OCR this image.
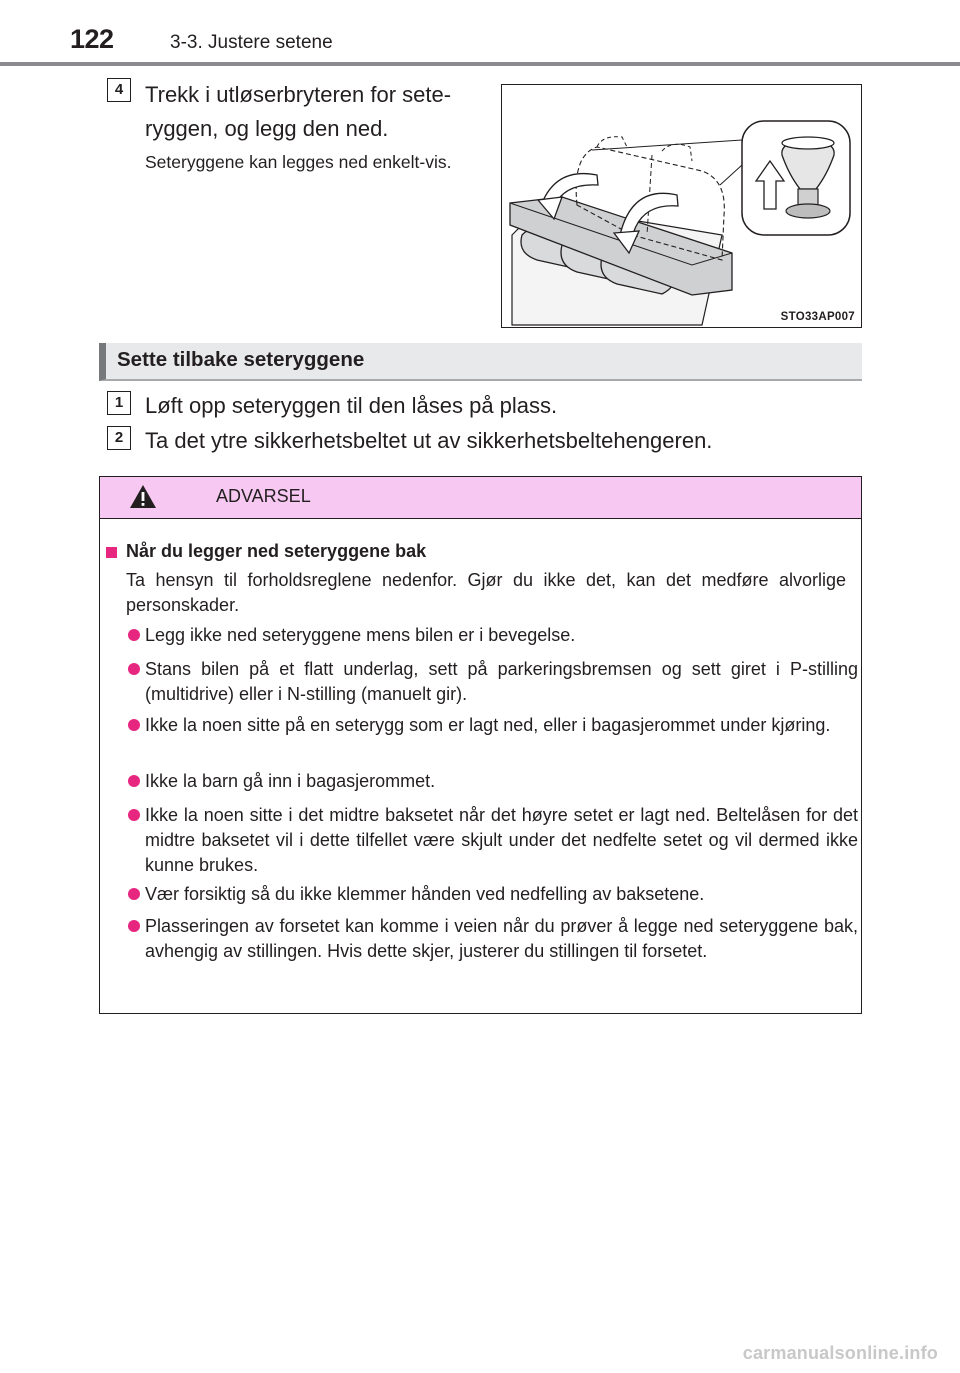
122	3-3. Justere setene
4 Trekk i utløserbryteren for sete-
ryggen, og legg den ned.
Seteryggene kan legges ned enkelt-vis.
STO33AP007
Sette tilbake seteryggene
1 Løft opp seteryggen til den låses på plass.
2 Ta det ytre sikkerhetsbeltet ut av sikkerhetsbeltehengeren.
ADVARSEL
Når du legger ned seteryggene bak
Ta hensyn til forholdsreglene nedenfor. Gjør du ikke det, kan det medføre alvorlige personskader.
Legg ikke ned seteryggene mens bilen er i bevegelse.
Stans bilen på et flatt underlag, sett på parkeringsbremsen og sett giret i P-stilling (multidrive) eller i N-stilling (manuelt gir).
Ikke la noen sitte på en seterygg som er lagt ned, eller i bagasjerommet under kjøring.
Ikke la barn gå inn i bagasjerommet.
Ikke la noen sitte i det midtre baksetet når det høyre setet er lagt ned. Beltelåsen for det midtre baksetet vil i dette tilfellet være skjult under det nedfelte setet og vil dermed ikke kunne brukes.
Vær forsiktig så du ikke klemmer hånden ved nedfelling av baksetene.
Plasseringen av forsetet kan komme i veien når du prøver å legge ned seteryggene bak, avhengig av stillingen. Hvis dette skjer, justerer du stillingen til forsetet.
carmanualsonline.info
